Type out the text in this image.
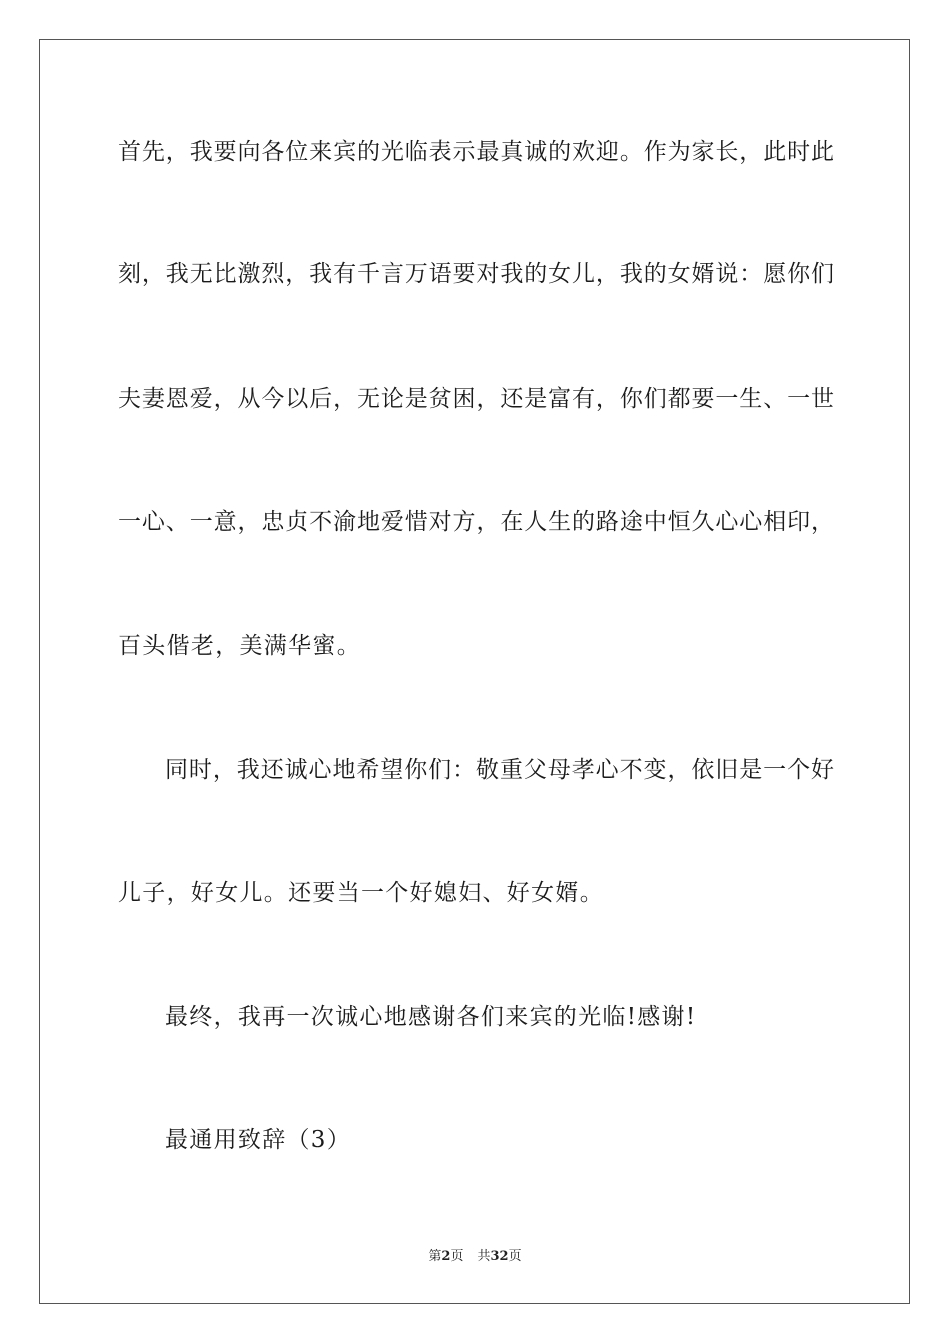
首先，我要向各位来宾的光临表示最真诚的欢迎。作为家长，此时此
刻，我无比激烈，我有千言万语要对我的女儿，我的女婿说：愿你们
夫妻恩爱，从今以后，无论是贫困，还是富有，你们都要一生、一世
一心、一意，忠贞不渝地爱惜对方，在人生的路途中恒久心心相印，
百头偕老，美满华蜜。
同时，我还诚心地希望你们：敬重父母孝心不变，依旧是一个好
儿子，好女儿。还要当一个好媳妇、好女婿。
最终，我再一次诚心地感谢各们来宾的光临!感谢!
最通用致辞（3）
第2页 共32页
